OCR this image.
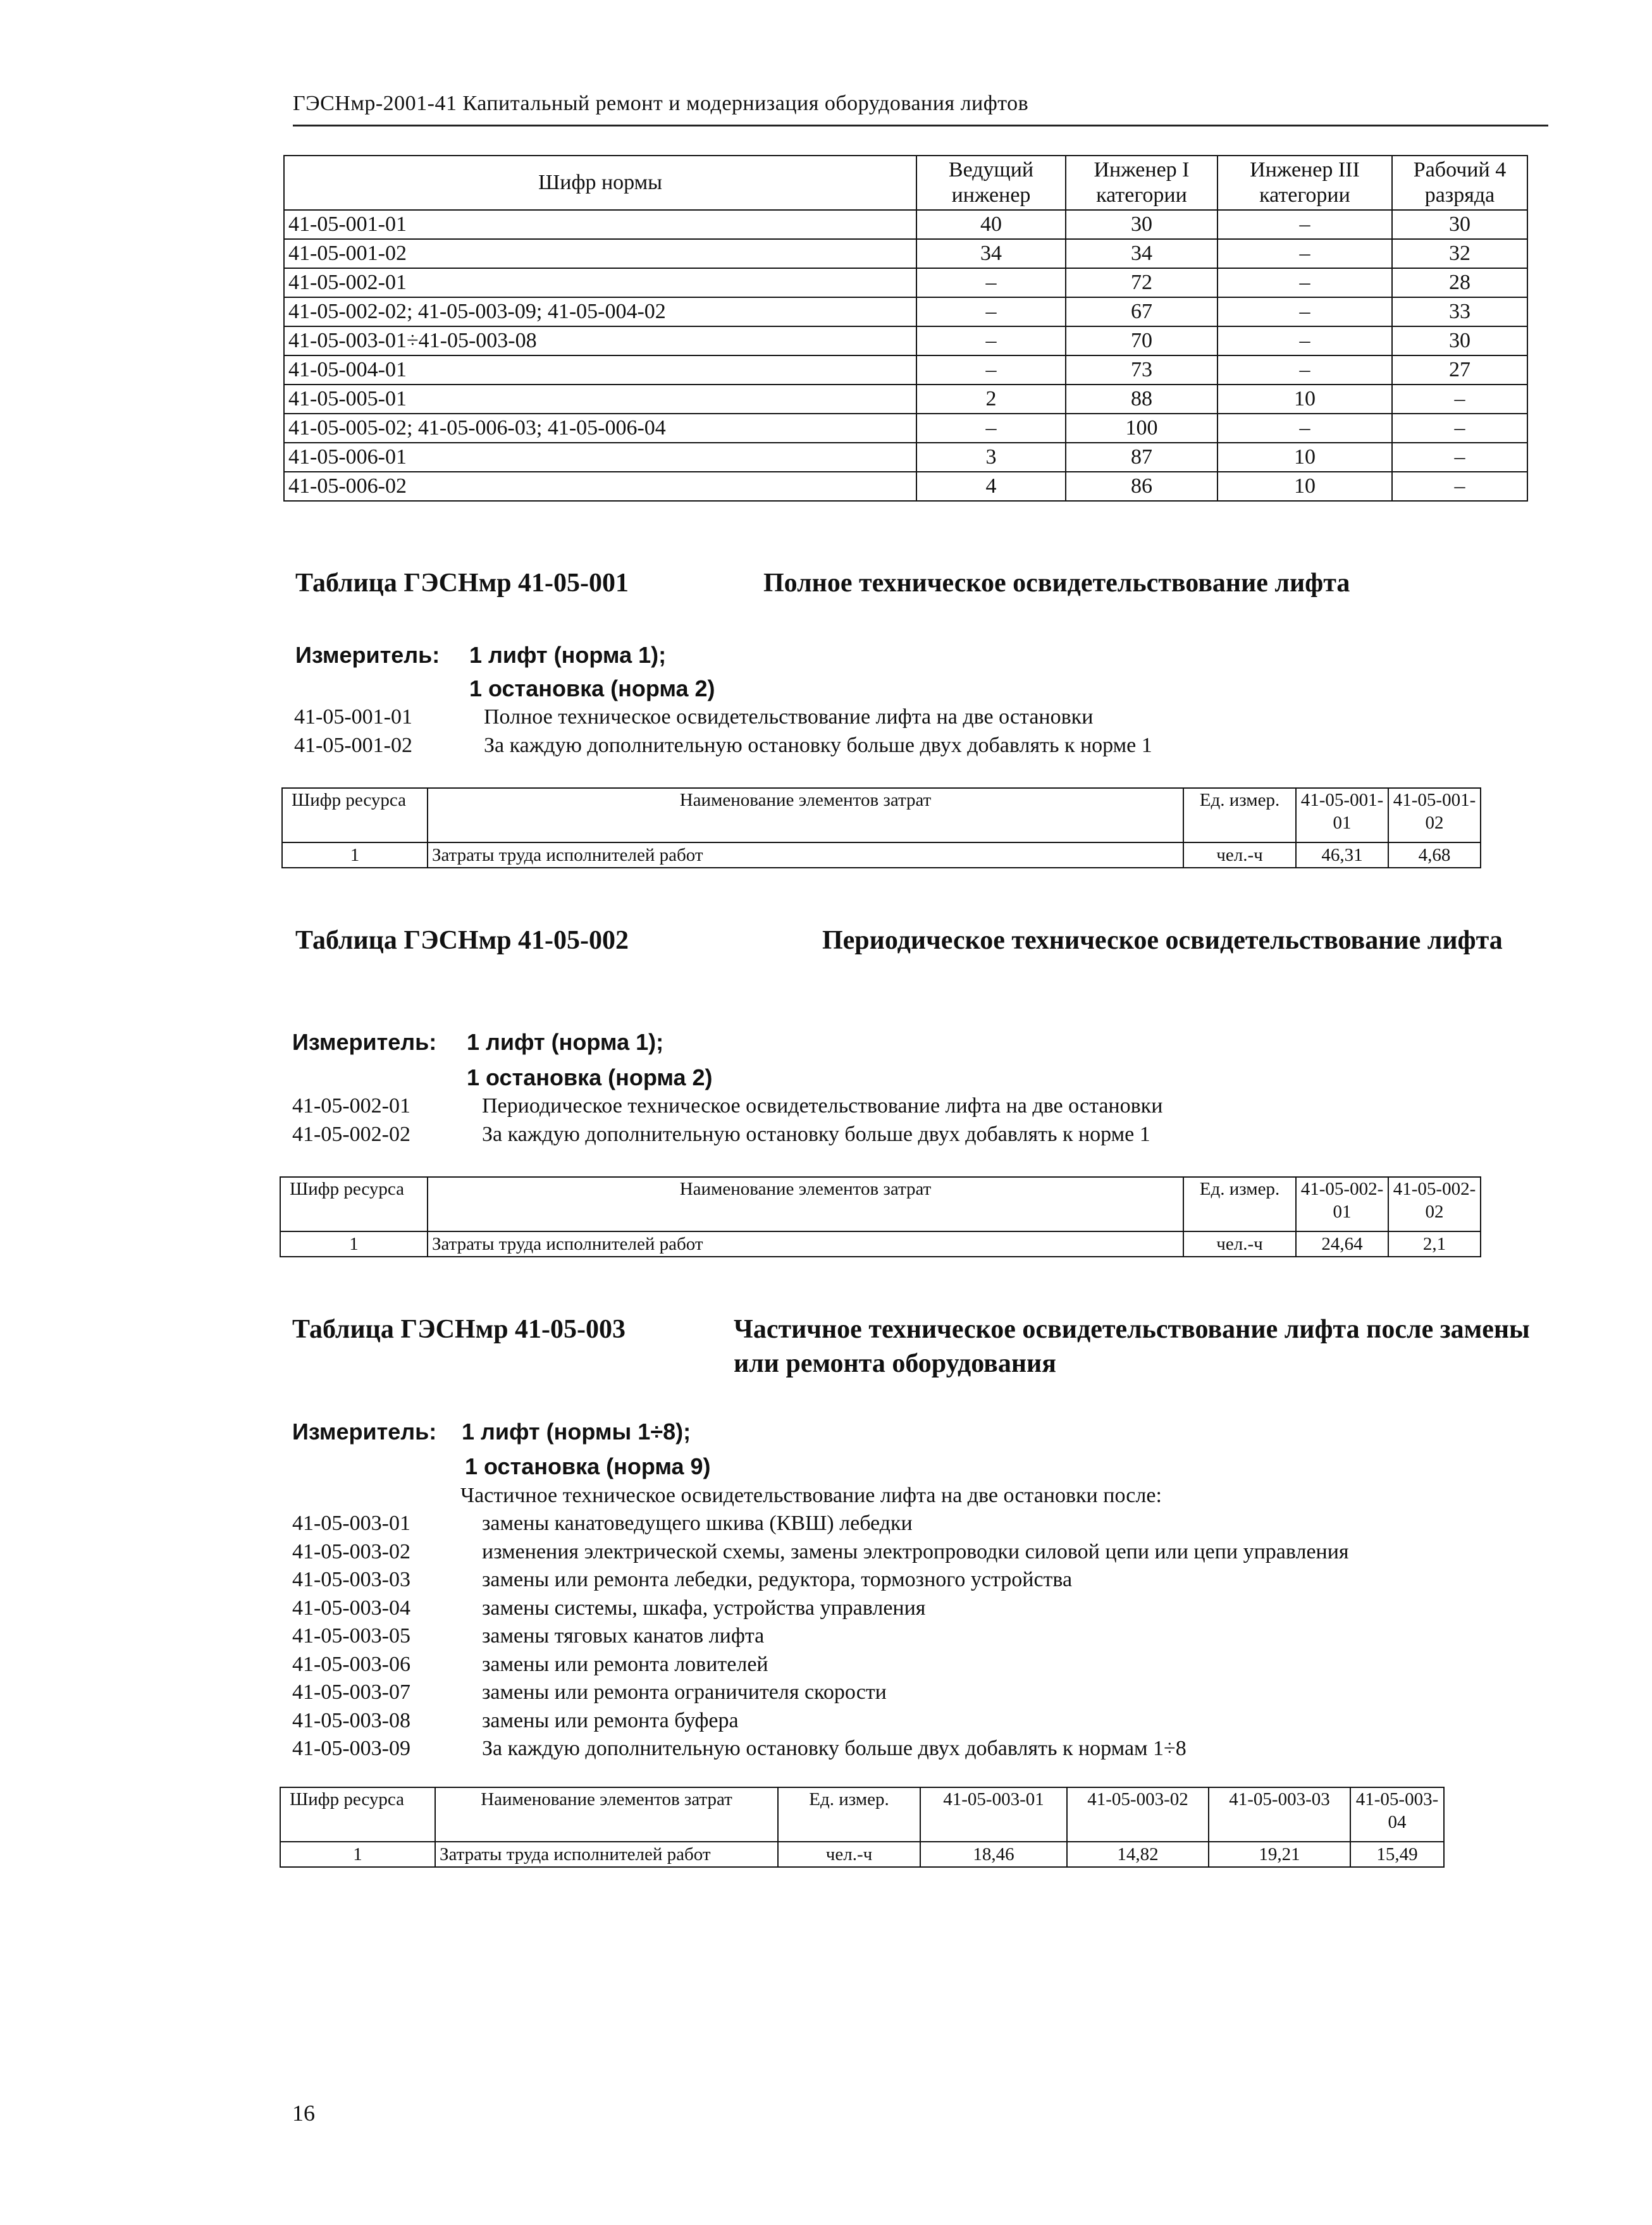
ГЭСНмр-2001-41 Капитальный ремонт и модернизация оборудования лифтов
Шифр нормы	Ведущий инженер	Инженер I категории	Инженер III категории	Рабочий 4 разряда
41-05-001-01	40	30	–	30
41-05-001-02	34	34	–	32
41-05-002-01	–	72	–	28
41-05-002-02; 41-05-003-09; 41-05-004-02	–	67	–	33
41-05-003-01÷41-05-003-08	–	70	–	30
41-05-004-01	–	73	–	27
41-05-005-01	2	88	10	–
41-05-005-02; 41-05-006-03; 41-05-006-04	–	100	–	–
41-05-006-01	3	87	10	–
41-05-006-02	4	86	10	–
Таблица ГЭСНмр 41-05-001	Полное техническое освидетельствование лифта
Измеритель: 1 лифт (норма 1);
1 остановка (норма 2)
41-05-001-01	Полное техническое освидетельствование лифта на две остановки
41-05-001-02	За каждую дополнительную остановку больше двух добавлять к норме 1
Шифр ресурса	Наименование элементов затрат	Ед. измер.	41-05-001-01	41-05-001-02
1	Затраты труда исполнителей работ	чел.-ч	46,31	4,68
Таблица ГЭСНмр 41-05-002	Периодическое техническое освидетельствование лифта
Измеритель: 1 лифт (норма 1);
1 остановка (норма 2)
41-05-002-01	Периодическое техническое освидетельствование лифта на две остановки
41-05-002-02	За каждую дополнительную остановку больше двух добавлять к норме 1
Шифр ресурса	Наименование элементов затрат	Ед. измер.	41-05-002-01	41-05-002-02
1	Затраты труда исполнителей работ	чел.-ч	24,64	2,1
Таблица ГЭСНмр 41-05-003	Частичное техническое освидетельствование лифта после замены или ремонта оборудования
Измеритель: 1 лифт (нормы 1÷8);
1 остановка (норма 9)
Частичное техническое освидетельствование лифта на две остановки после:
41-05-003-01	замены канатоведущего шкива (КВШ) лебедки
41-05-003-02	изменения электрической схемы, замены электропроводки силовой цепи или цепи управления
41-05-003-03	замены или ремонта лебедки, редуктора, тормозного устройства
41-05-003-04	замены системы, шкафа, устройства управления
41-05-003-05	замены тяговых канатов лифта
41-05-003-06	замены или ремонта ловителей
41-05-003-07	замены или ремонта ограничителя скорости
41-05-003-08	замены или ремонта буфера
41-05-003-09	За каждую дополнительную остановку больше двух добавлять к нормам 1÷8
Шифр ресурса	Наименование элементов затрат	Ед. измер.	41-05-003-01	41-05-003-02	41-05-003-03	41-05-003-04
1	Затраты труда исполнителей работ	чел.-ч	18,46	14,82	19,21	15,49
16
